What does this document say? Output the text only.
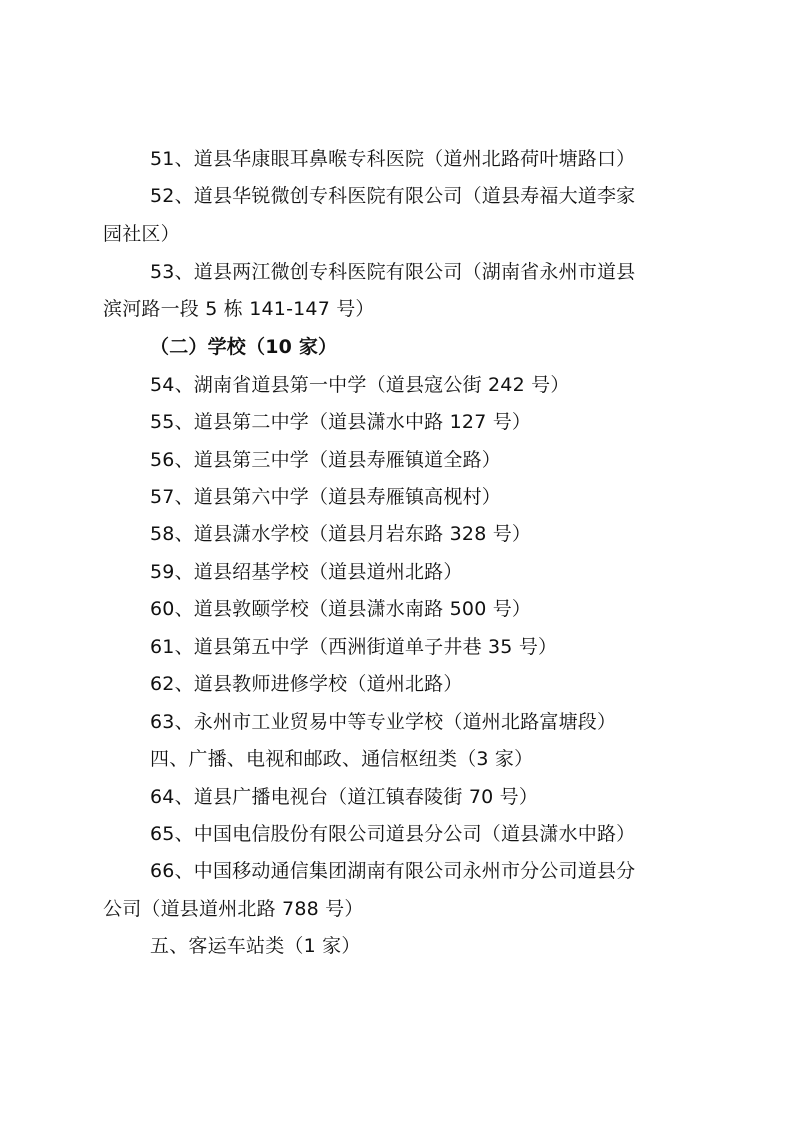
51、道县华康眼耳鼻喉专科医院（道州北路荷叶塘路口）
52、道县华锐微创专科医院有限公司（道县寿福大道李家
园社区）
53、道县两江微创专科医院有限公司（湖南省永州市道县
滨河路一段 5 栋 141-147 号）
（二）学校（10 家）
54、湖南省道县第一中学（道县寇公街 242 号）
55、道县第二中学（道县潇水中路 127 号）
56、道县第三中学（道县寿雁镇道全路）
57、道县第六中学（道县寿雁镇高枧村）
58、道县潇水学校（道县月岩东路 328 号）
59、道县绍基学校（道县道州北路）
60、道县敦颐学校（道县潇水南路 500 号）
61、道县第五中学（西洲街道单子井巷 35 号）
62、道县教师进修学校（道州北路）
63、永州市工业贸易中等专业学校（道州北路富塘段）
四、广播、电视和邮政、通信枢纽类（3 家）
64、道县广播电视台（道江镇春陵街 70 号）
65、中国电信股份有限公司道县分公司（道县潇水中路）
66、中国移动通信集团湖南有限公司永州市分公司道县分
公司（道县道州北路 788 号）
五、客运车站类（1 家）
